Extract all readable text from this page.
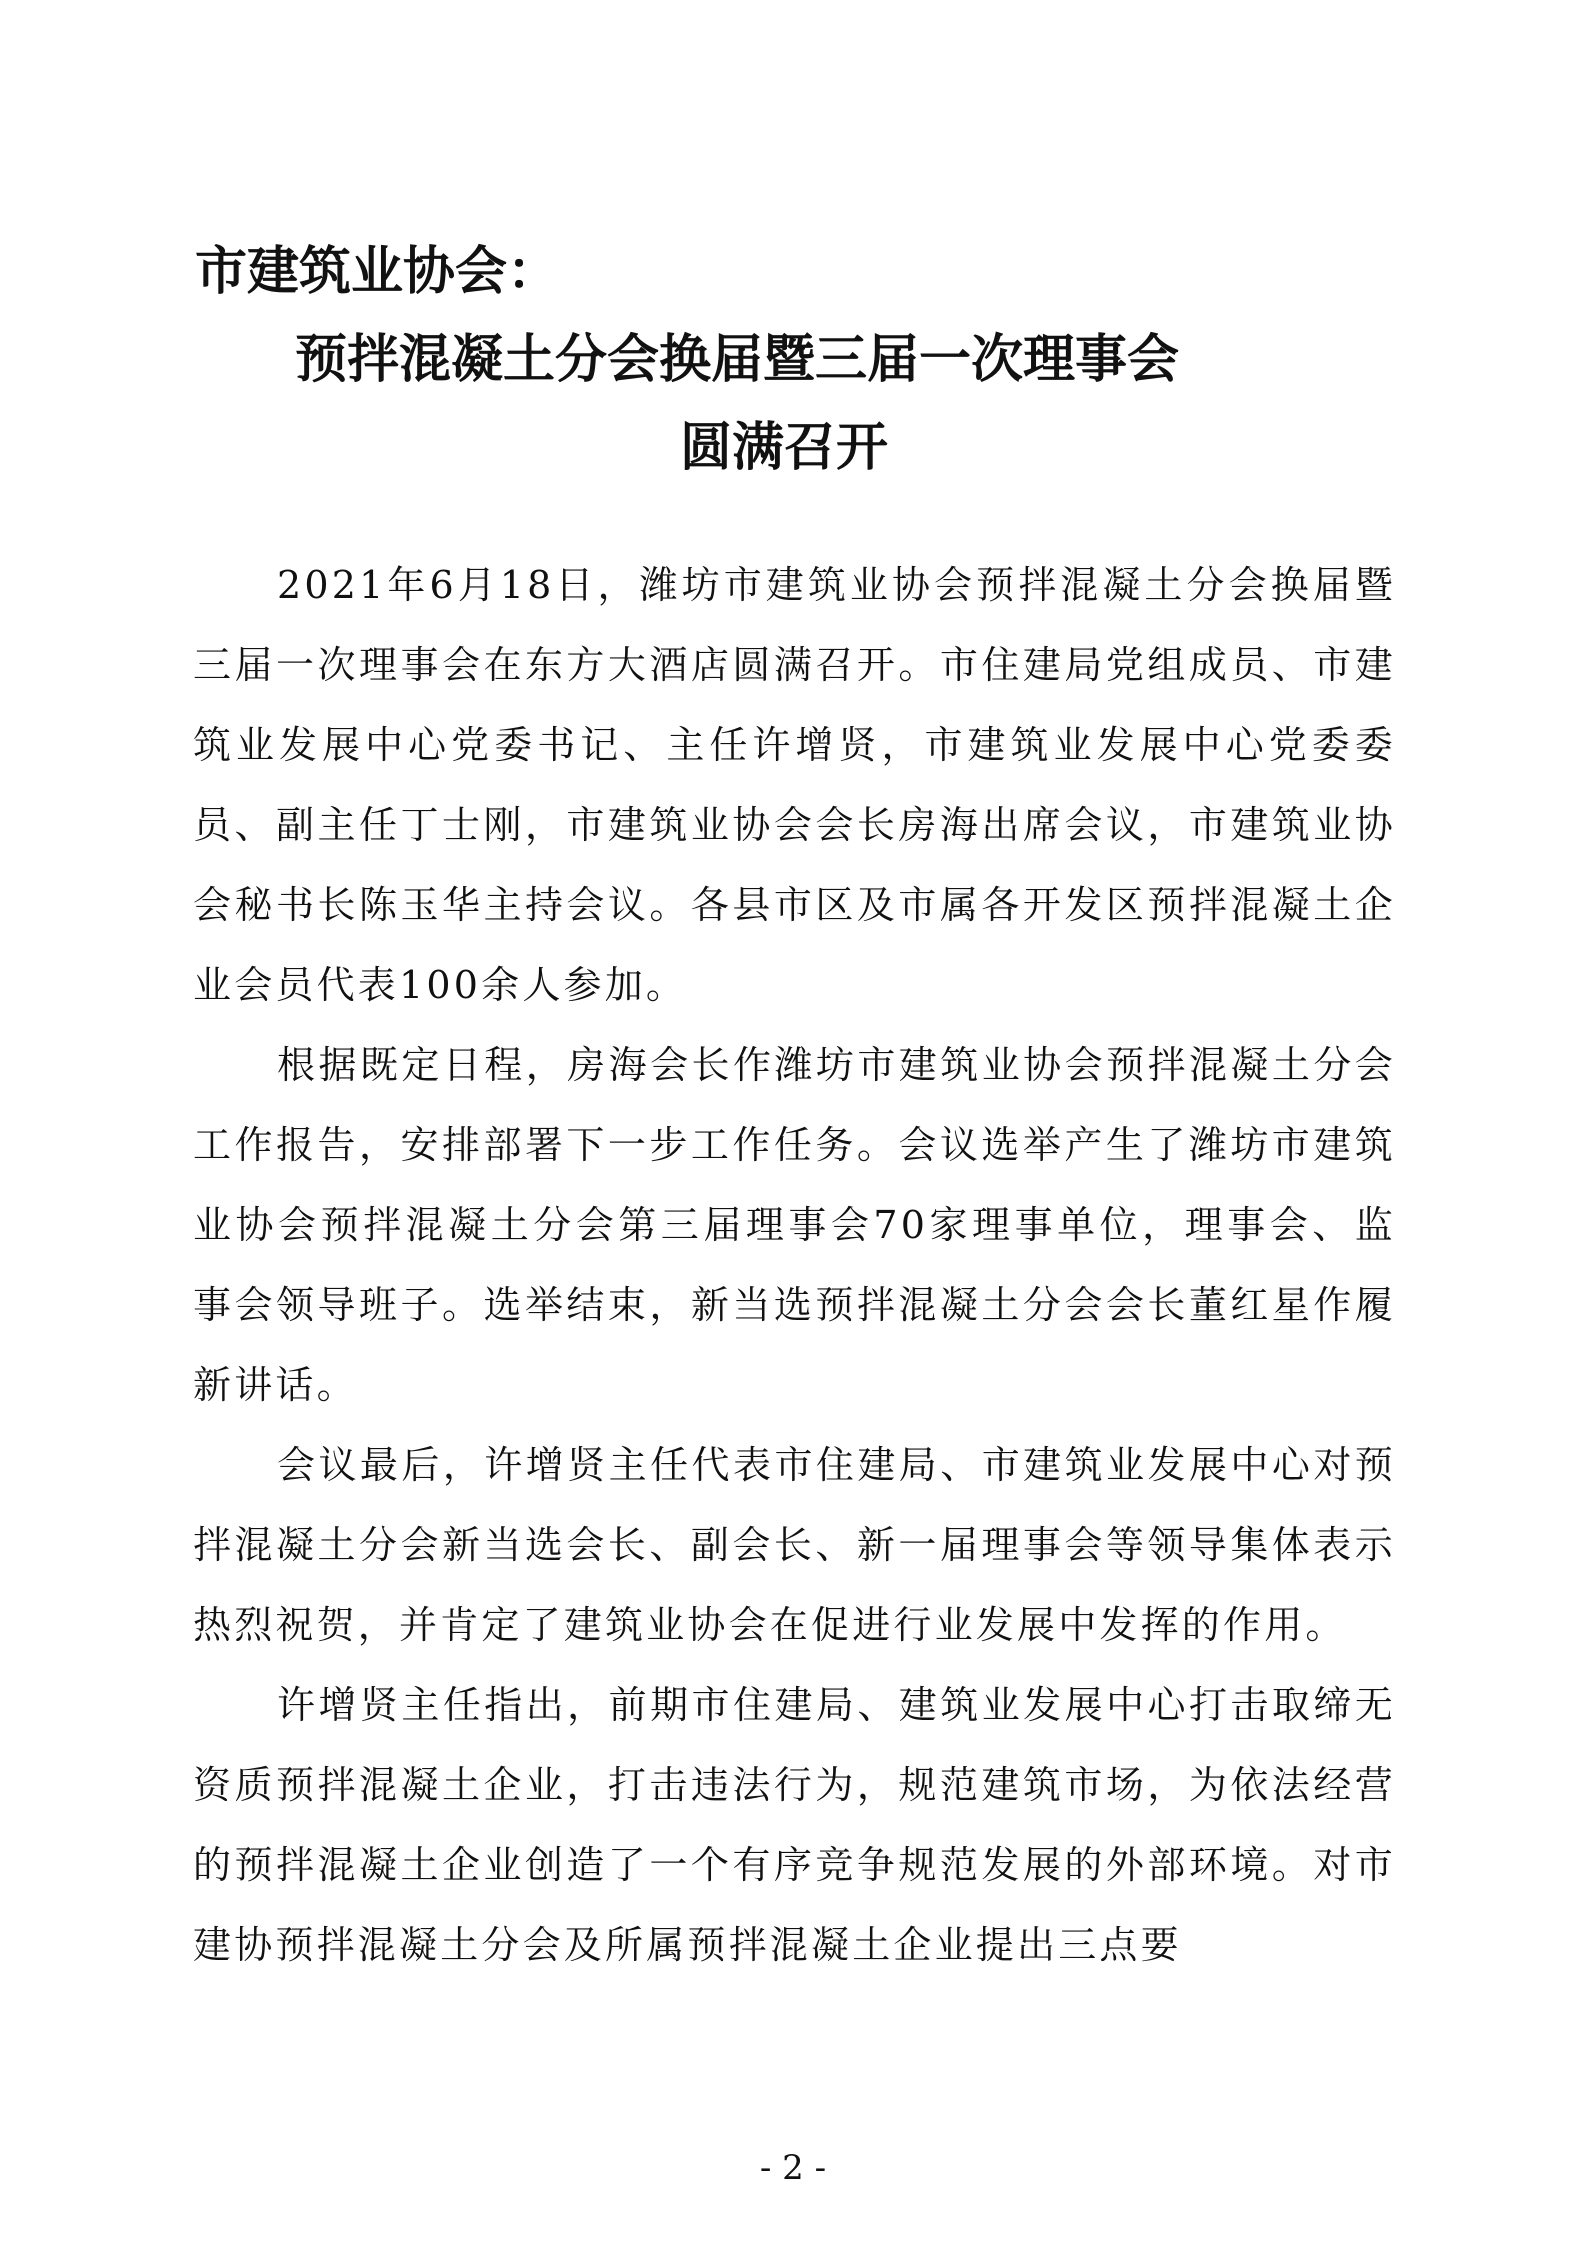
市建筑业协会：
预拌混凝土分会换届暨三届一次理事会
圆满召开

2021年6月18日，潍坊市建筑业协会预拌混凝土分会换届暨三届一次理事会在东方大酒店圆满召开。市住建局党组成员、市建筑业发展中心党委书记、主任许增贤，市建筑业发展中心党委委员、副主任丁士刚，市建筑业协会会长房海出席会议，市建筑业协会秘书长陈玉华主持会议。各县市区及市属各开发区预拌混凝土企业会员代表100余人参加。

根据既定日程，房海会长作潍坊市建筑业协会预拌混凝土分会工作报告，安排部署下一步工作任务。会议选举产生了潍坊市建筑业协会预拌混凝土分会第三届理事会70家理事单位，理事会、监事会领导班子。选举结束，新当选预拌混凝土分会会长董红星作履新讲话。

会议最后，许增贤主任代表市住建局、市建筑业发展中心对预拌混凝土分会新当选会长、副会长、新一届理事会等领导集体表示热烈祝贺，并肯定了建筑业协会在促进行业发展中发挥的作用。

许增贤主任指出，前期市住建局、建筑业发展中心打击取缔无资质预拌混凝土企业，打击违法行为，规范建筑市场，为依法经营的预拌混凝土企业创造了一个有序竞争规范发展的外部环境。对市建协预拌混凝土分会及所属预拌混凝土企业提出三点要

- 2 -
